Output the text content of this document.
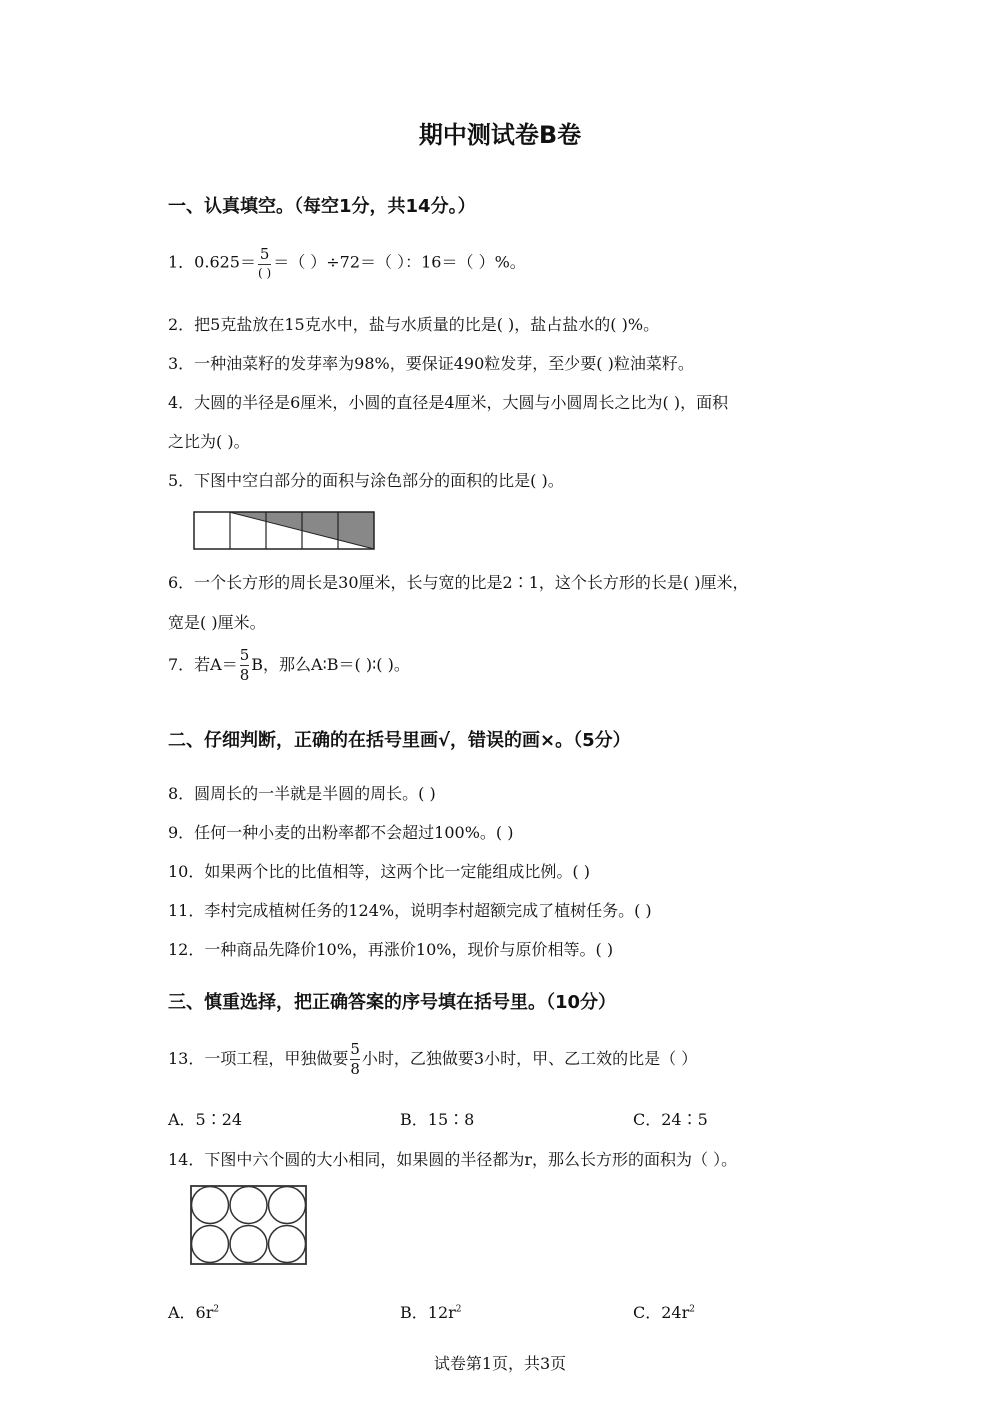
期中测试卷B卷
一、认真填空。（每空1分，共14分。）
1．$0.625= \frac{5}{( )}$ ＝（ ）÷72＝（ ）：16＝（ ）%。
2．把5克盐放在15克水中，盐与水质量的比是( )，盐占盐水的( )%。
3．一种油菜籽的发芽率为98%，要保证490粒发芽，至少要( )粒油菜籽。
4．大圆的半径是6厘米，小圆的直径是4厘米，大圆与小圆周长之比为( )，面积
之比为( )。
5．下图中空白部分的面积与涂色部分的面积的比是( )。
6．一个长方形的周长是30厘米，长与宽的比是2∶1，这个长方形的长是( )厘米，
宽是( )厘米。
7．若$A= \frac{5}{8}$ B，那么A∶B＝( )∶( )。
二、仔细判断，正确的在括号里画√，错误的画×。（5分）
8．圆周长的一半就是半圆的周长。( )
9．任何一种小麦的出粉率都不会超过100%。( )
10．如果两个比的比值相等，这两个比一定能组成比例。( )
11．李村完成植树任务的124%，说明李村超额完成了植树任务。( )
12．一种商品先降价10%，再涨价10%，现价与原价相等。( )
三、慎重选择，把正确答案的序号填在括号里。（10分）
13．一项工程，甲独做要 $\frac{5}{8}$ 小时，乙独做要3小时，甲、乙工效的比是（ ）
A．5∶24	B．15∶8	C．24∶5
14．下图中六个圆的大小相同，如果圆的半径都为r，那么长方形的面积为（ ）。
A．$6r^2$	B．$12r^2$	C．$24r^2$
试卷第1页，共3页
